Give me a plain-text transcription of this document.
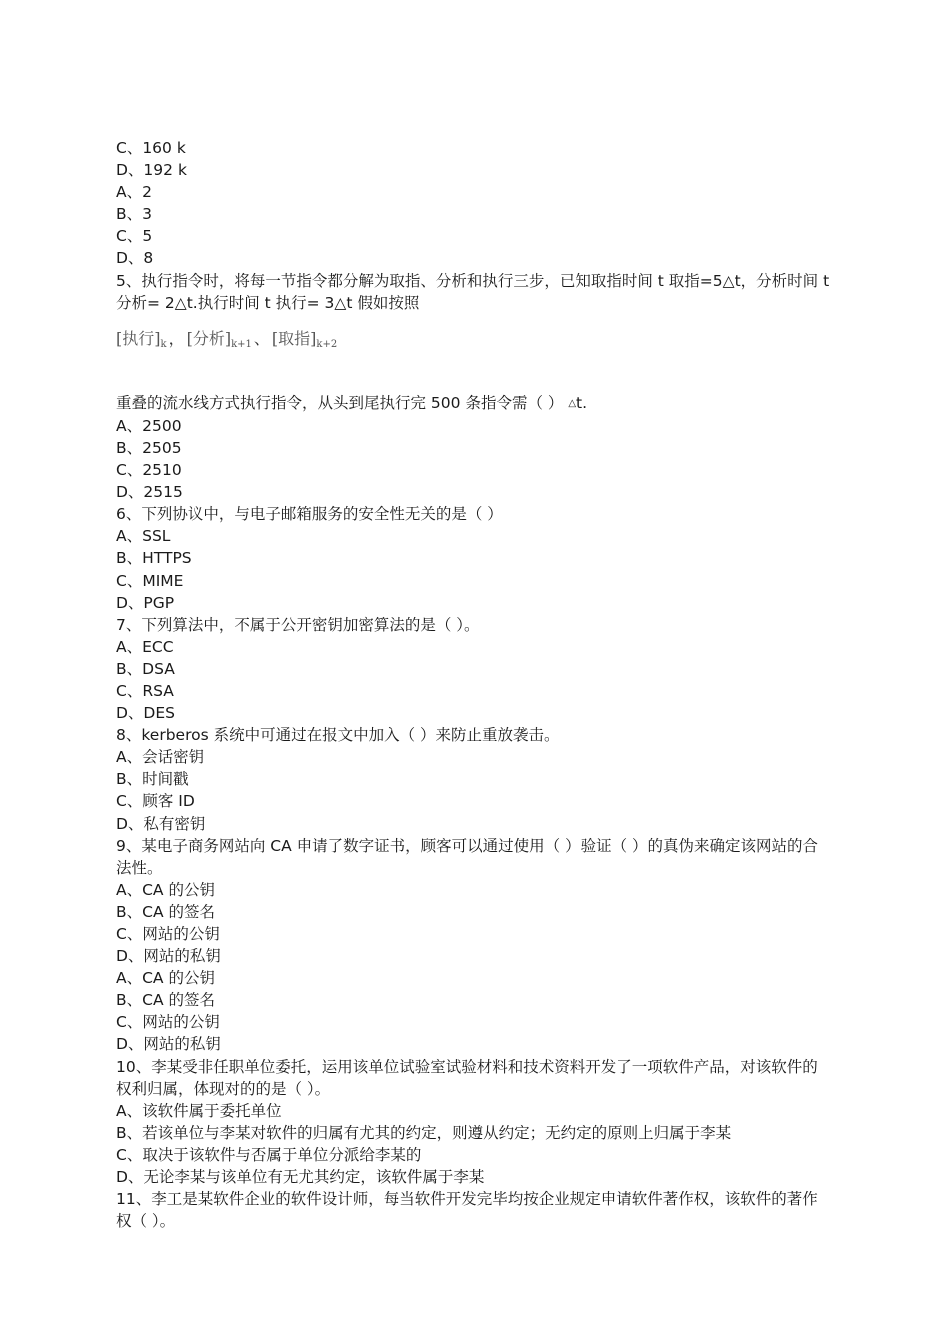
C、160 k
D、192 k
A、2
B、3
C、5
D、8
5、执行指令时，将每一节指令都分解为取指、分析和执行三步，已知取指时间 t 取指=5△t，分析时间 t 分析= 2△t.执行时间 t 执行= 3△t 假如按照
[执行]$_k$ ， [分析]$_{k+1}$ 、 [取指]$_{k+2}$
重叠的流水线方式执行指令，从头到尾执行完 500 条指令需（ ） △t.
A、2500
B、2505
C、2510
D、2515
6、下列协议中，与电子邮箱服务的安全性无关的是（ ）
A、SSL
B、HTTPS
C、MIME
D、PGP
7、下列算法中，不属于公开密钥加密算法的是（ ）。
A、ECC
B、DSA
C、RSA
D、DES
8、kerberos 系统中可通过在报文中加入（ ）来防止重放袭击。
A、会话密钥
B、时间戳
C、顾客 ID
D、私有密钥
9、某电子商务网站向 CA 申请了数字证书，顾客可以通过使用（ ）验证（ ）的真伪来确定该网站的合法性。
A、CA 的公钥
B、CA 的签名
C、网站的公钥
D、网站的私钥
A、CA 的公钥
B、CA 的签名
C、网站的公钥
D、网站的私钥
10、李某受非任职单位委托，运用该单位试验室试验材料和技术资料开发了一项软件产品，对该软件的权利归属，体现对的的是（ ）。
A、该软件属于委托单位
B、若该单位与李某对软件的归属有尤其的约定，则遵从约定；无约定的原则上归属于李某
C、取决于该软件与否属于单位分派给李某的
D、无论李某与该单位有无尤其约定，该软件属于李某
11、李工是某软件企业的软件设计师，每当软件开发完毕均按企业规定申请软件著作权，该软件的著作权（ ）。
